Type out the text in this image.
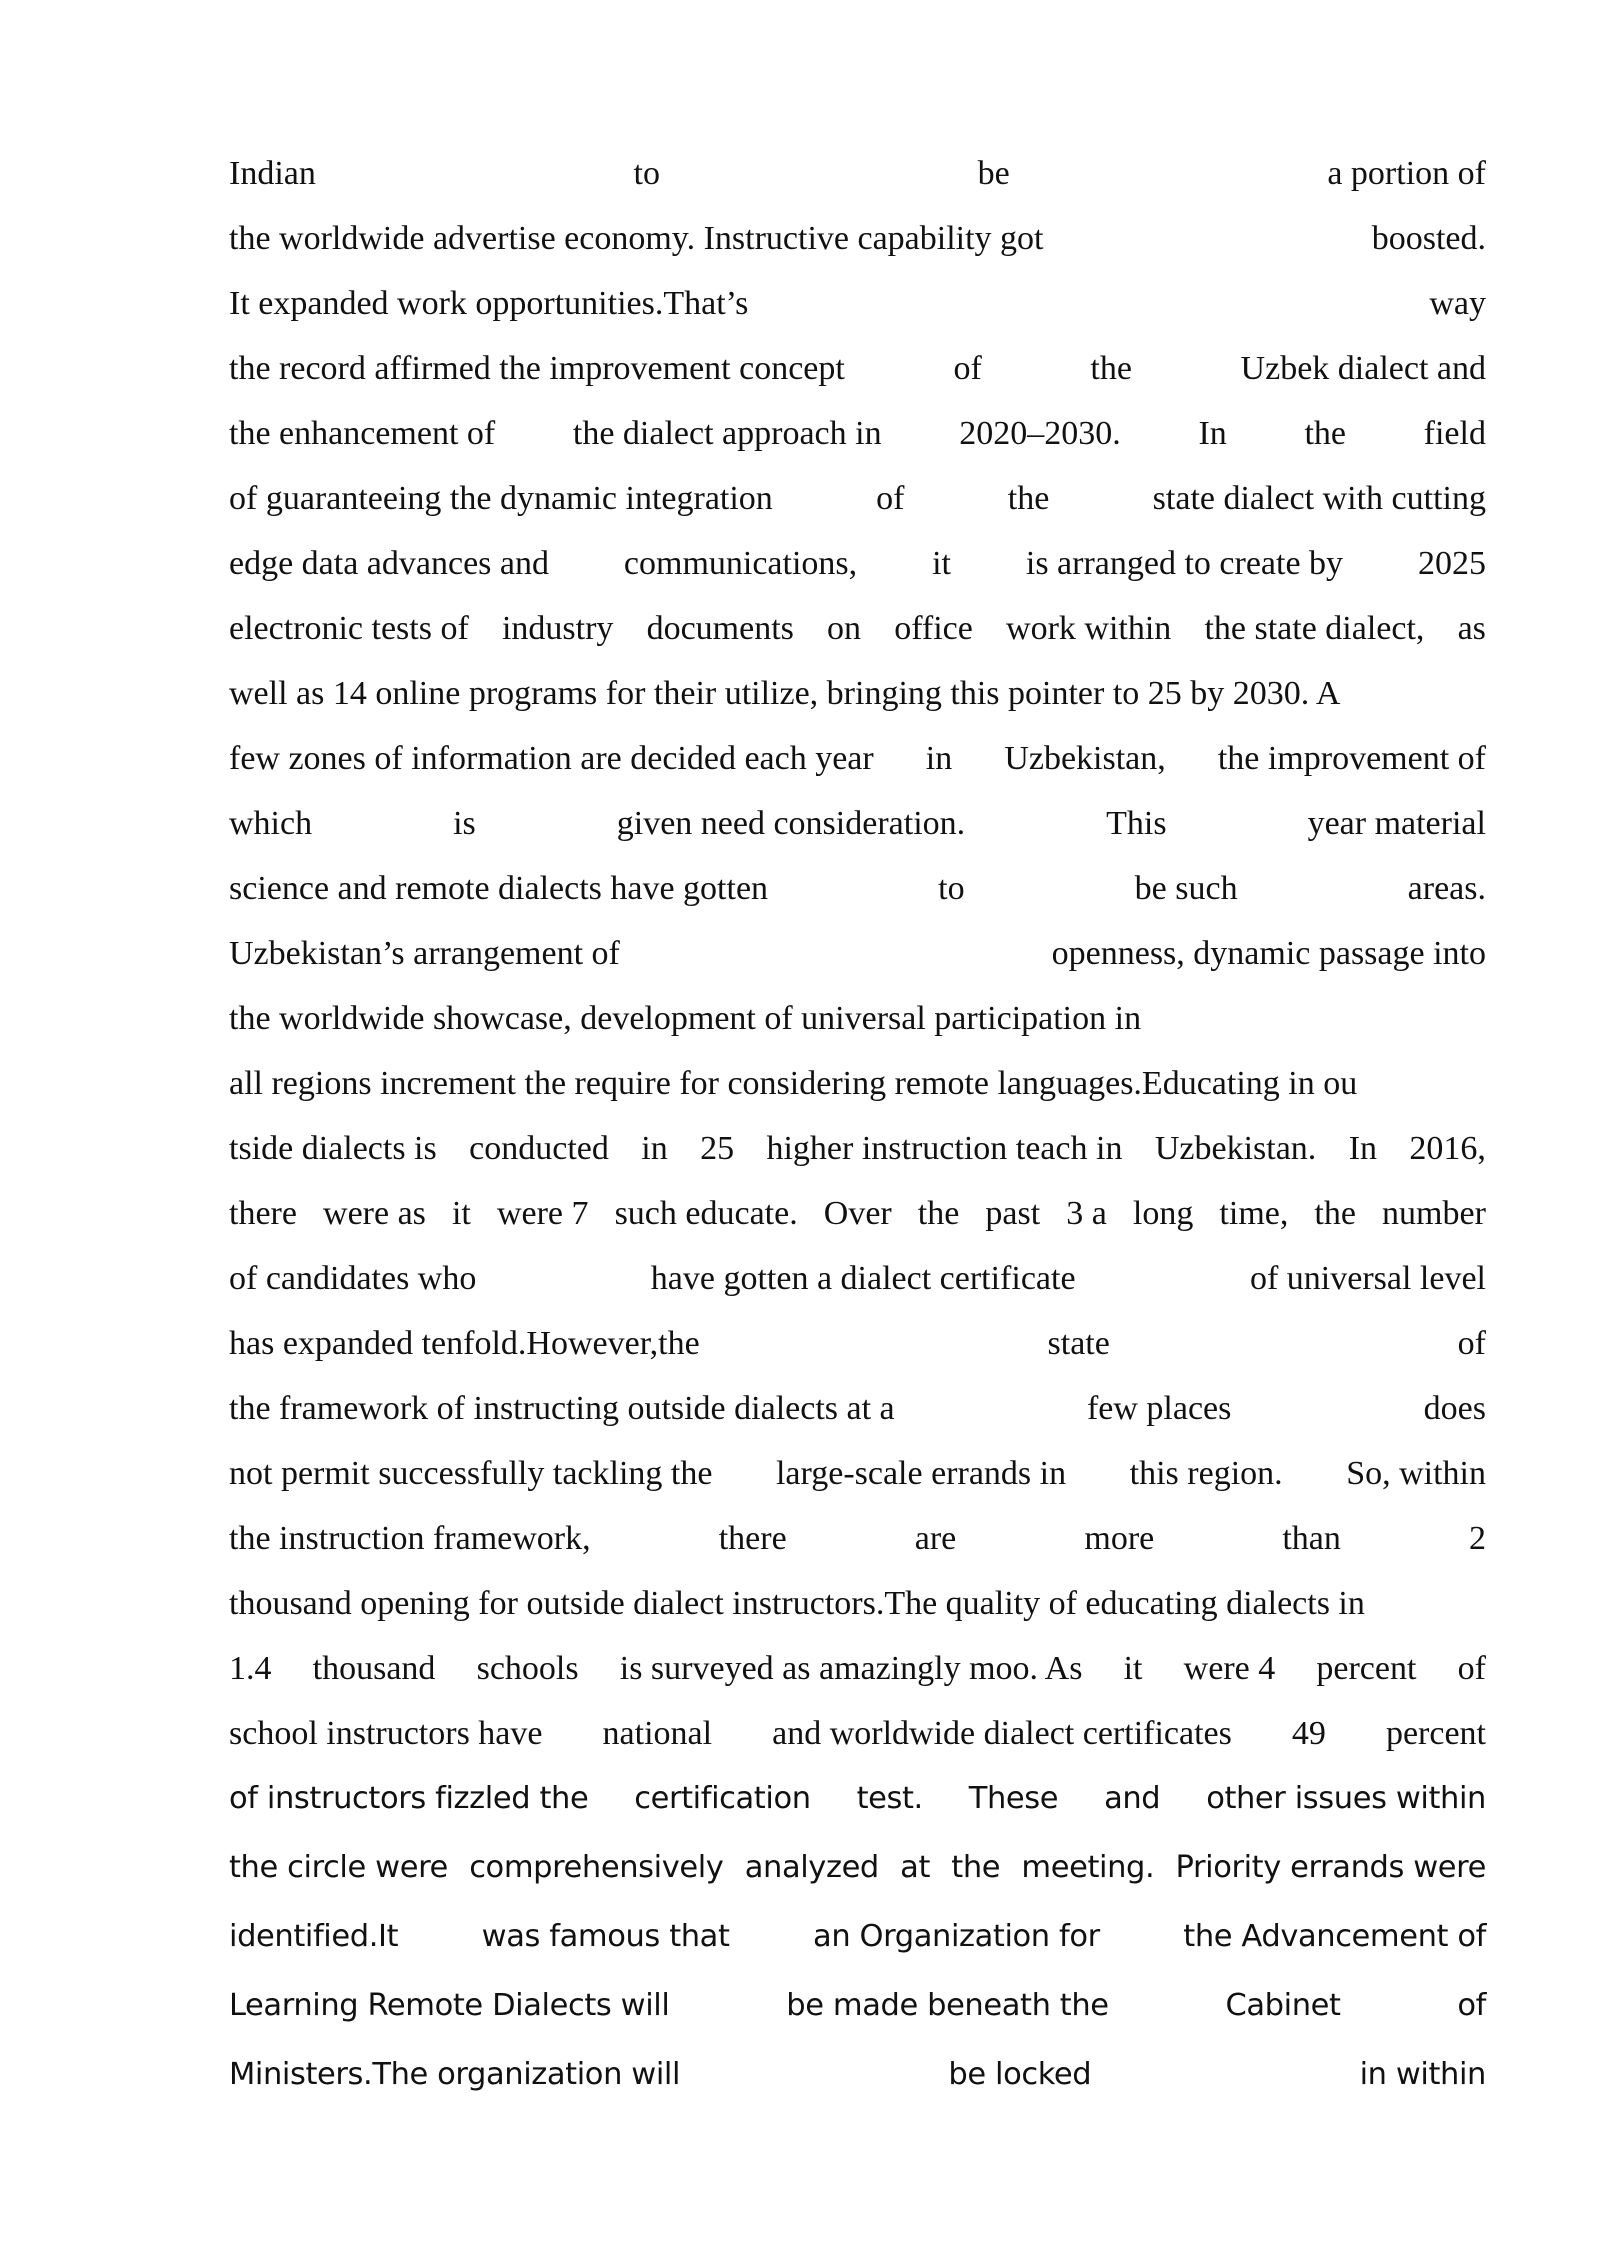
Indian	to	be	a portion of
the worldwide advertise economy. Instructive capability got	boosted.
It expanded work opportunities.That’s	way
the record affirmed the improvement concept	of	the	Uzbek dialect and
the enhancement of the dialect approach in 2020–2030. In the field
of guaranteeing the dynamic integration	of	the	state dialect with cutting
edge data advances and communications, it is arranged to create by 2025
electronic tests of industry documents on office work within the state dialect, as
well as 14 online programs for their utilize, bringing this pointer to 25 by 2030. A
few zones of information are decided each year in Uzbekistan, the improvement of
which	is	given need consideration.	This	year material
science and remote dialects have gotten	to	be such	areas.
Uzbekistan’s arrangement of	openness, dynamic passage into
the worldwide showcase, development of universal participation in
all regions increment the require for considering remote languages.Educating in ou
tside dialects is conducted in 25 higher instruction teach in Uzbekistan. In 2016,
there were as it were 7 such educate. Over the past 3 a long time, the number
of candidates who	have gotten a dialect certificate	of universal level
has expanded tenfold.However,the	state	of
the framework of instructing outside dialects at a	few places	does
not permit successfully tackling the large-scale errands in this region. So, within
the instruction framework,	there	are	more	than	2
thousand opening for outside dialect instructors.The quality of educating dialects in
1.4 thousand schools is surveyed as amazingly moo. As it were 4 percent of
school instructors have national and worldwide dialect certificates 49 percent
of instructors fizzled the certification test. These and other issues within
the circle were comprehensively analyzed at the meeting. Priority errands were
identified.It	was famous that	an Organization for	the Advancement of
Learning Remote Dialects will	be made beneath the	Cabinet	of
Ministers.The organization will	be locked	in within
